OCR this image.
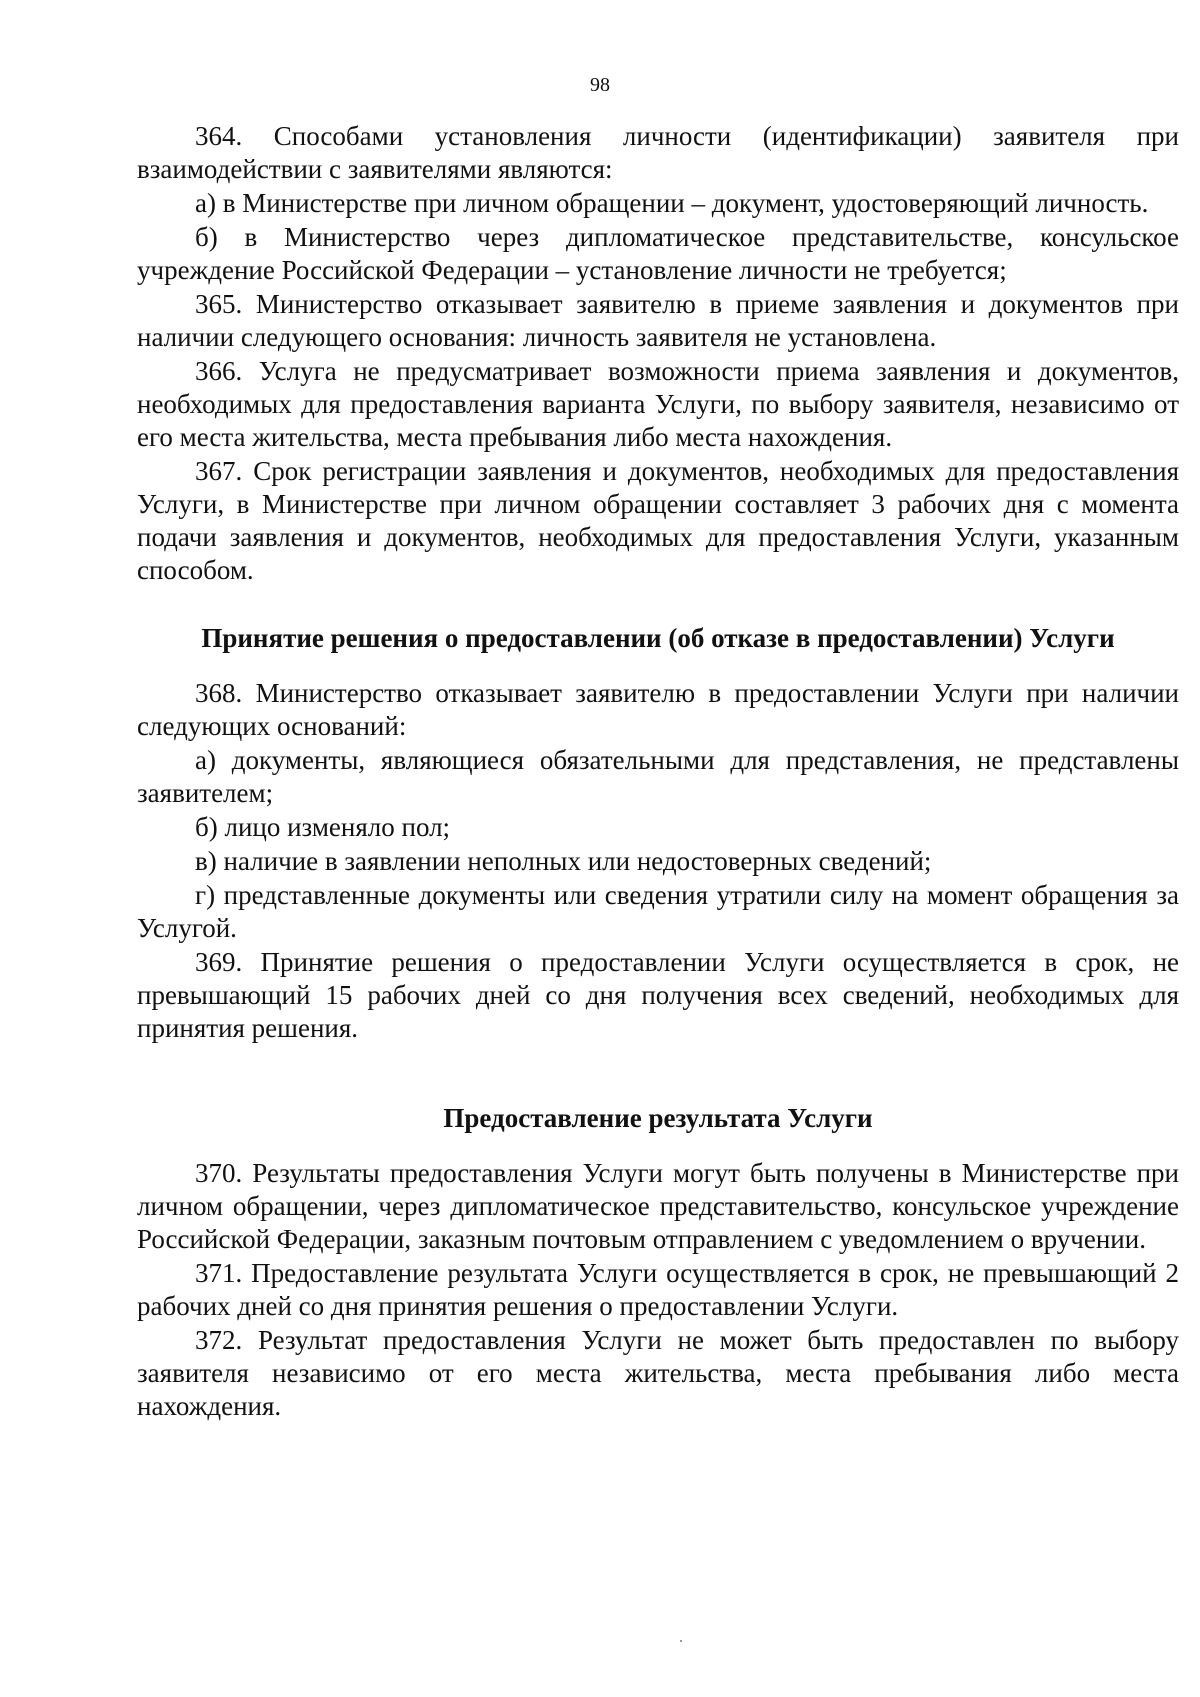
98

364. Способами установления личности (идентификации) заявителя при взаимодействии с заявителями являются:

а) в Министерстве при личном обращении – документ, удостоверяющий личность.

б) в Министерство через дипломатическое представительстве, консульское учреждение Российской Федерации – установление личности не требуется;

365. Министерство отказывает заявителю в приеме заявления и документов при наличии следующего основания: личность заявителя не установлена.

366. Услуга не предусматривает возможности приема заявления и документов, необходимых для предоставления варианта Услуги, по выбору заявителя, независимо от его места жительства, места пребывания либо места нахождения.

367. Срок регистрации заявления и документов, необходимых для предоставления Услуги, в Министерстве при личном обращении составляет 3 рабочих дня с момента подачи заявления и документов, необходимых для предоставления Услуги, указанным способом.

Принятие решения о предоставлении (об отказе в предоставлении) Услуги

368. Министерство отказывает заявителю в предоставлении Услуги при наличии следующих оснований:

а) документы, являющиеся обязательными для представления, не представлены заявителем;

б) лицо изменяло пол;

в) наличие в заявлении неполных или недостоверных сведений;

г) представленные документы или сведения утратили силу на момент обращения за Услугой.

369. Принятие решения о предоставлении Услуги осуществляется в срок, не превышающий 15 рабочих дней со дня получения всех сведений, необходимых для принятия решения.

Предоставление результата Услуги

370. Результаты предоставления Услуги могут быть получены в Министерстве при личном обращении, через дипломатическое представительство, консульское учреждение Российской Федерации, заказным почтовым отправлением с уведомлением о вручении.

371. Предоставление результата Услуги осуществляется в срок, не превышающий 2 рабочих дней со дня принятия решения о предоставлении Услуги.

372. Результат предоставления Услуги не может быть предоставлен по выбору заявителя независимо от его места жительства, места пребывания либо места нахождения.
